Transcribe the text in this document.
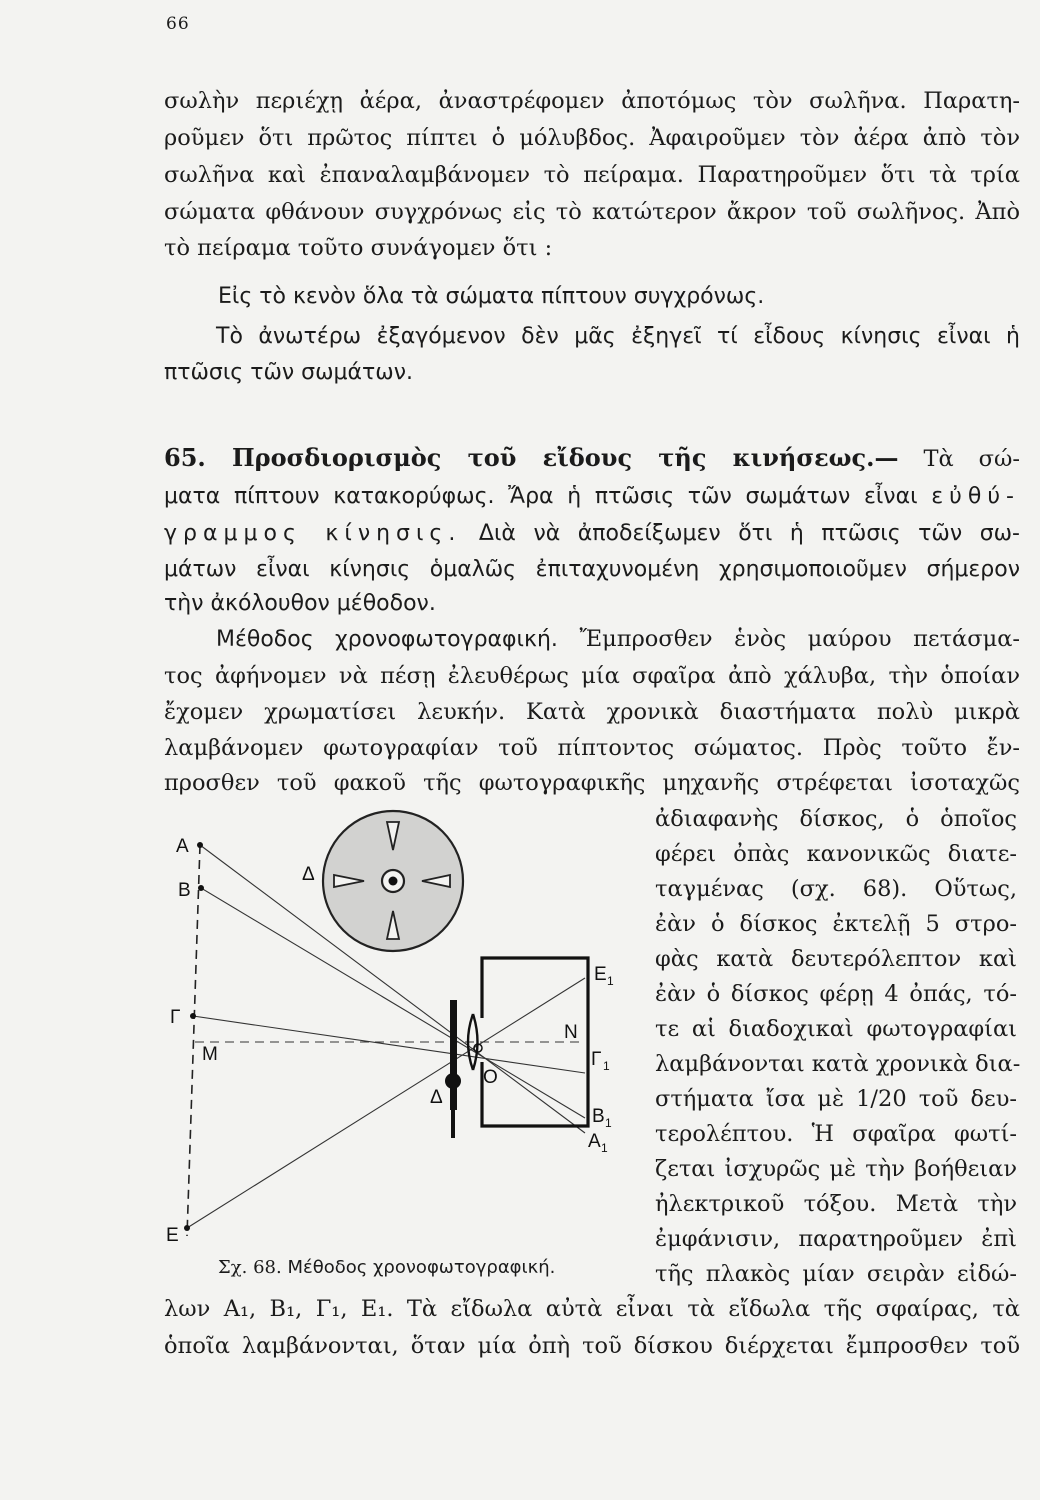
66
σωλὴν περιέχῃ ἀέρα, ἀναστρέφομεν ἀποτόμως τὸν σωλῆνα. Παρατη-
ροῦμεν ὅτι πρῶτος πίπτει ὁ μόλυβδος. Ἀφαιροῦμεν τὸν ἀέρα ἀπὸ τὸν
σωλῆνα καὶ ἐπαναλαμβάνομεν τὸ πείραμα. Παρατηροῦμεν ὅτι τὰ τρία
σώματα φθάνουν συγχρόνως εἰς τὸ κατώτερον ἄκρον τοῦ σωλῆνος. Ἀπὸ
τὸ πείραμα τοῦτο συνάγομεν ὅτι :
Εἰς τὸ κενὸν ὅλα τὰ σώματα πίπτουν συγχρόνως.
Τὸ ἀνωτέρω ἐξαγόμενον δὲν μᾶς ἐξηγεῖ τί εἶδους κίνησις εἶναι ἡ
πτῶσις τῶν σωμάτων.
65. Προσδιορισμὸς τοῦ εἴδους τῆς κινήσεως.— Τὰ σώ-
ματα πίπτουν κατακορύφως. Ἄρα ἡ πτῶσις τῶν σωμάτων εἶναι εὐθύ-
γραμμος κίνησις. Διὰ νὰ ἀποδείξωμεν ὅτι ἡ πτῶσις τῶν σω-
μάτων εἶναι κίνησις ὁμαλῶς ἐπιταχυνομένη χρησιμοποιοῦμεν σήμερον
τὴν ἀκόλουθον μέθοδον.
Μέθοδος χρονοφωτογραφική. Ἔμπροσθεν ἑνὸς μαύρου πετάσμα-
τος ἀφήνομεν νὰ πέσῃ ἐλευθέρως μία σφαῖρα ἀπὸ χάλυβα, τὴν ὁποίαν
ἔχομεν χρωματίσει λευκήν. Κατὰ χρονικὰ διαστήματα πολὺ μικρὰ
λαμβάνομεν φωτογραφίαν τοῦ πίπτοντος σώματος. Πρὸς τοῦτο ἔν-
προσθεν τοῦ φακοῦ τῆς φωτογραφικῆς μηχανῆς στρέφεται ἰσοταχῶς
ἀδιαφανὴς δίσκος, ὁ ὁποῖος
φέρει ὀπὰς κανονικῶς διατε-
ταγμένας (σχ. 68). Οὕτως,
ἐὰν ὁ δίσκος ἐκτελῇ 5 στρο-
φὰς κατὰ δευτερόλεπτον καὶ
ἐὰν ὁ δίσκος φέρῃ 4 ὀπάς, τό-
τε αἱ διαδοχικαὶ φωτογραφίαι
λαμβάνονται κατὰ χρονικὰ δια-
στήματα ἴσα μὲ 1/20 τοῦ δευ-
τερολέπτου. Ἡ σφαῖρα φωτί-
ζεται ἰσχυρῶς μὲ τὴν βοήθειαν
ἠλεκτρικοῦ τόξου. Μετὰ τὴν
ἐμφάνισιν, παρατηροῦμεν ἐπὶ
τῆς πλακὸς μίαν σειρὰν εἰδώ-
Α
Β
Γ
Μ
Ε
Δ
Δ
Ο
Ν
Ε 1
Γ 1
Β 1
Α 1
Σχ. 68. Μέθοδος χρονοφωτογραφική.
λων Α₁, Β₁, Γ₁, Ε₁. Τὰ εἴδωλα αὐτὰ εἶναι τὰ εἴδωλα τῆς σφαίρας, τὰ
ὁποῖα λαμβάνονται, ὅταν μία ὀπὴ τοῦ δίσκου διέρχεται ἔμπροσθεν τοῦ
